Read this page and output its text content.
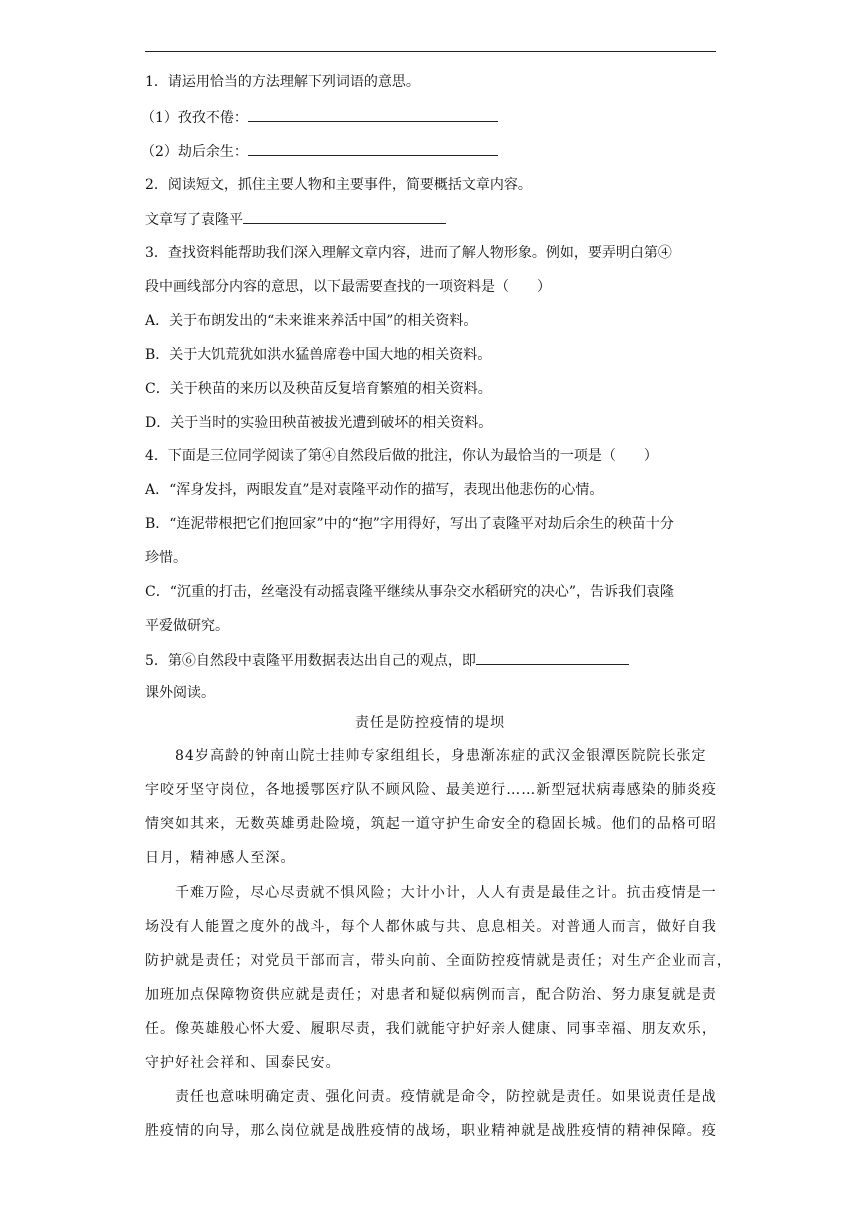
1．请运用恰当的方法理解下列词语的意思。
（1）孜孜不倦：
（2）劫后余生：
2．阅读短文，抓住主要人物和主要事件，简要概括文章内容。
文章写了袁隆平
3．查找资料能帮助我们深入理解文章内容，进而了解人物形象。例如，要弄明白第④
段中画线部分内容的意思，以下最需要查找的一项资料是（　　）
A．关于布朗发出的“未来谁来养活中国”的相关资料。
B．关于大饥荒犹如洪水猛兽席卷中国大地的相关资料。
C．关于秧苗的来历以及秧苗反复培育繁殖的相关资料。
D．关于当时的实验田秧苗被拔光遭到破坏的相关资料。
4．下面是三位同学阅读了第④自然段后做的批注，你认为最恰当的一项是（　　）
A．“浑身发抖，两眼发直”是对袁隆平动作的描写，表现出他悲伤的心情。
B．“连泥带根把它们抱回家”中的“抱”字用得好，写出了袁隆平对劫后余生的秧苗十分
珍惜。
C．“沉重的打击，丝毫没有动摇袁隆平继续从事杂交水稻研究的决心”，告诉我们袁隆
平爱做研究。
5．第⑥自然段中袁隆平用数据表达出自己的观点，即
课外阅读。
责任是防控疫情的堤坝
84岁高龄的钟南山院士挂帅专家组组长，身患渐冻症的武汉金银潭医院院长张定
宇咬牙坚守岗位，各地援鄂医疗队不顾风险、最美逆行……新型冠状病毒感染的肺炎疫
情突如其来，无数英雄勇赴险境，筑起一道守护生命安全的稳固长城。他们的品格可昭
日月，精神感人至深。
千难万险，尽心尽责就不惧风险；大计小计，人人有责是最佳之计。抗击疫情是一
场没有人能置之度外的战斗，每个人都休戚与共、息息相关。对普通人而言，做好自我
防护就是责任；对党员干部而言，带头向前、全面防控疫情就是责任；对生产企业而言，
加班加点保障物资供应就是责任；对患者和疑似病例而言，配合防治、努力康复就是责
任。像英雄般心怀大爱、履职尽责，我们就能守护好亲人健康、同事幸福、朋友欢乐，
守护好社会祥和、国泰民安。
责任也意味明确定责、强化问责。疫情就是命令，防控就是责任。如果说责任是战
胜疫情的向导，那么岗位就是战胜疫情的战场，职业精神就是战胜疫情的精神保障。疫
